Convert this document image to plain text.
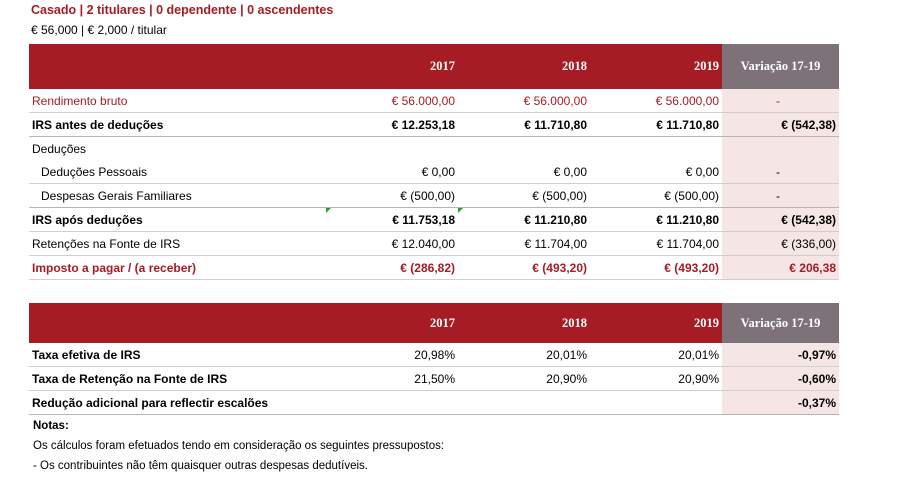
Casado | 2 titulares | 0 dependente | 0 ascendentes
€ 56,000 | € 2,000 / titular
	2017	2018	2019	Variação 17-19
Rendimento bruto	€ 56.000,00	€ 56.000,00	€ 56.000,00	-
IRS antes de deduções	€ 12.253,18	€ 11.710,80	€ 11.710,80	€ (542,38)
Deduções				
Deduções Pessoais	€ 0,00	€ 0,00	€ 0,00	-
Despesas Gerais Familiares	€ (500,00)	€ (500,00)	€ (500,00)	-
IRS após deduções	€ 11.753,18	€ 11.210,80	€ 11.210,80	€ (542,38)
Retenções na Fonte de IRS	€ 12.040,00	€ 11.704,00	€ 11.704,00	€ (336,00)
Imposto a pagar / (a receber)	€ (286,82)	€ (493,20)	€ (493,20)	€ 206,38
	2017	2018	2019	Variação 17-19
Taxa efetiva de IRS	20,98%	20,01%	20,01%	-0,97%
Taxa de Retenção na Fonte de IRS	21,50%	20,90%	20,90%	-0,60%
Redução adicional para reflectir escalões				-0,37%
Notas:
Os cálculos foram efetuados tendo em consideração os seguintes pressupostos:
- Os contribuintes não têm quaisquer outras despesas dedutíveis.
